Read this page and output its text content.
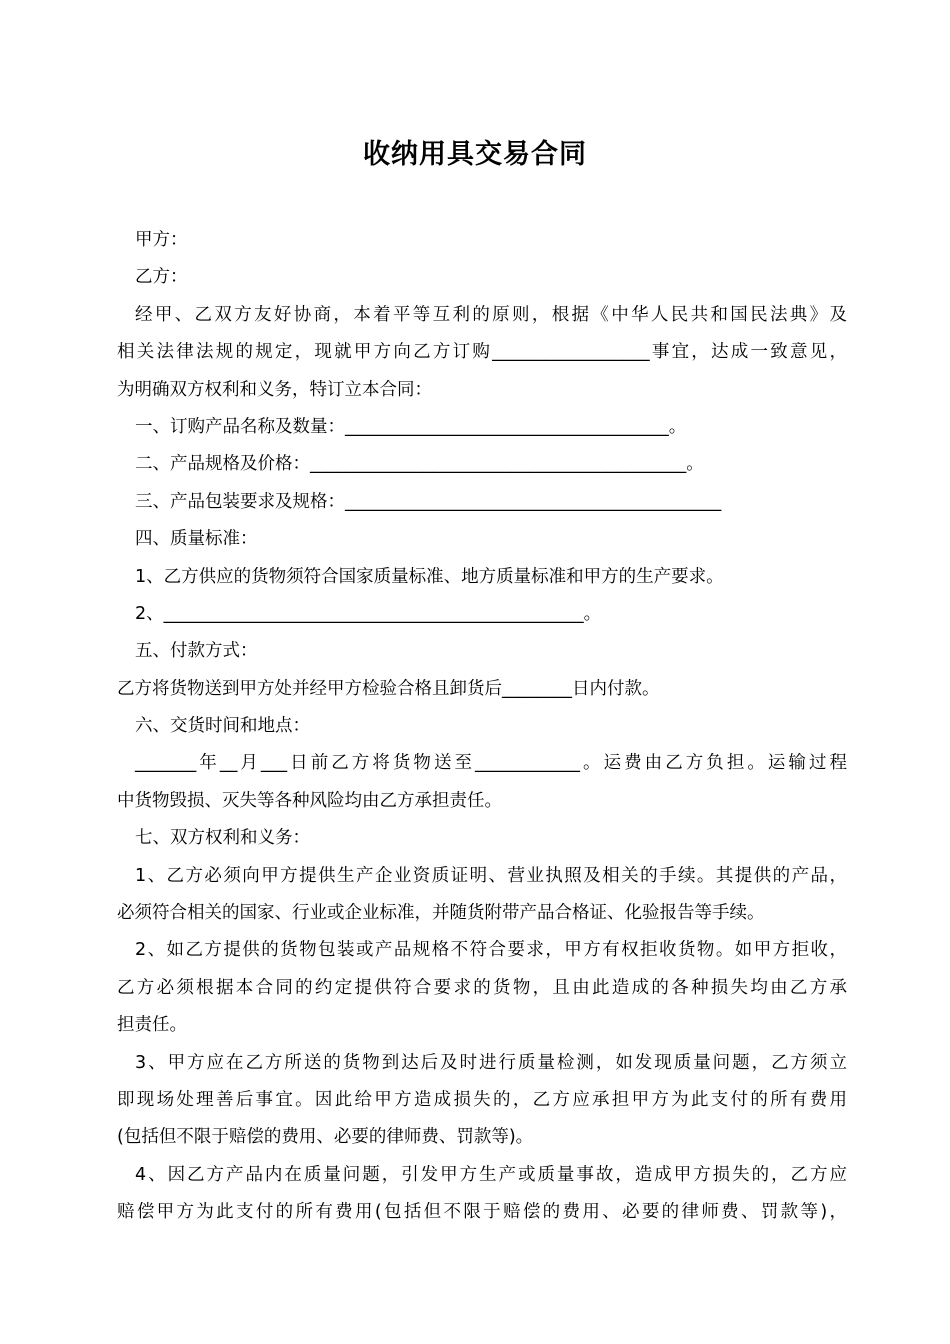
收纳用具交易合同
甲方：
乙方：
经甲、乙双方友好协商，本着平等互利的原则，根据《中华人民共和国民法典》及
相关法律法规的规定，现就甲方向乙方订购__________________事宜，达成一致意见，
为明确双方权利和义务，特订立本合同：
一、订购产品名称及数量：_____________________________________。
二、产品规格及价格：___________________________________________。
三、产品包装要求及规格：___________________________________________
四、质量标准：
1、乙方供应的货物须符合国家质量标准、地方质量标准和甲方的生产要求。
2、________________________________________________。
五、付款方式：
乙方将货物送到甲方处并经甲方检验合格且卸货后________日内付款。
六、交货时间和地点：
_______年__月___日前乙方将货物送至____________。运费由乙方负担。运输过程
中货物毁损、灭失等各种风险均由乙方承担责任。
七、双方权利和义务：
1、乙方必须向甲方提供生产企业资质证明、营业执照及相关的手续。其提供的产品，
必须符合相关的国家、行业或企业标准，并随货附带产品合格证、化验报告等手续。
2、如乙方提供的货物包装或产品规格不符合要求，甲方有权拒收货物。如甲方拒收，
乙方必须根据本合同的约定提供符合要求的货物，且由此造成的各种损失均由乙方承
担责任。
3、甲方应在乙方所送的货物到达后及时进行质量检测，如发现质量问题，乙方须立
即现场处理善后事宜。因此给甲方造成损失的，乙方应承担甲方为此支付的所有费用
(包括但不限于赔偿的费用、必要的律师费、罚款等)。
4、因乙方产品内在质量问题，引发甲方生产或质量事故，造成甲方损失的，乙方应
赔偿甲方为此支付的所有费用(包括但不限于赔偿的费用、必要的律师费、罚款等)，
